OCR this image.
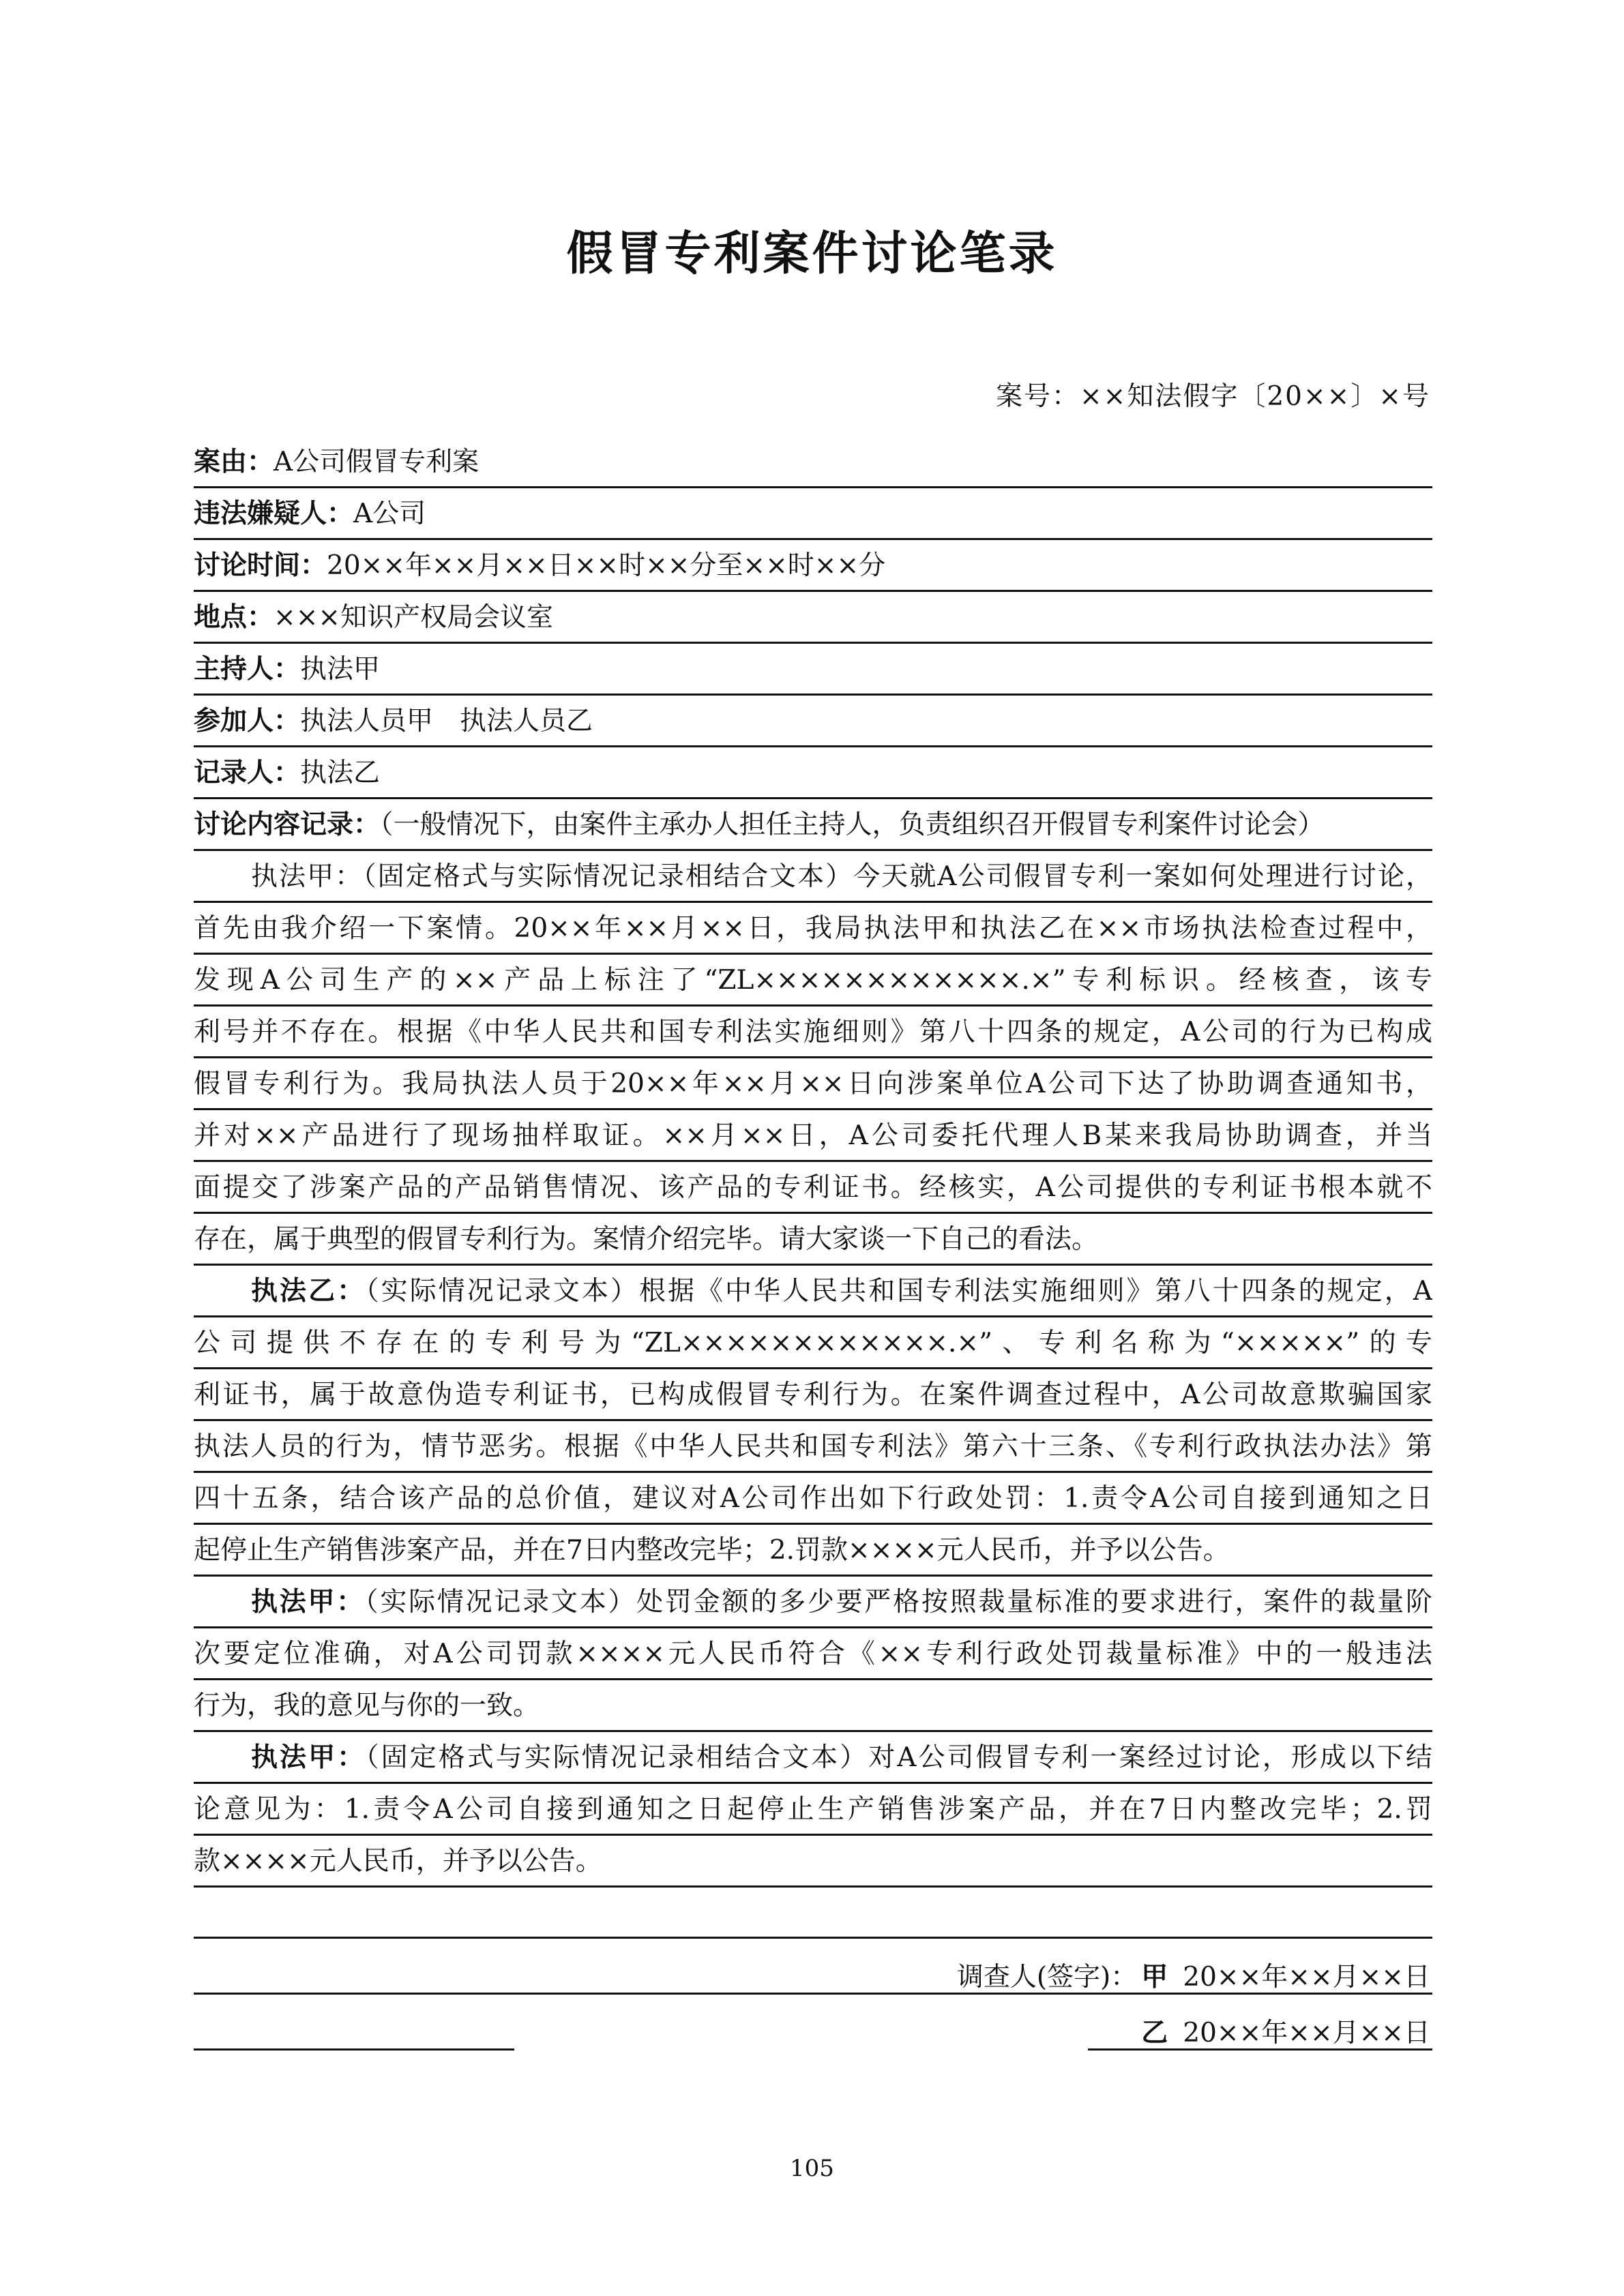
假冒专利案件讨论笔录
案号：××知法假字〔20××〕×号
案由：A公司假冒专利案
违法嫌疑人：A公司
讨论时间：20××年××月××日××时××分至××时××分
地点：×××知识产权局会议室
主持人：执法甲
参加人：执法人员甲　执法人员乙
记录人：执法乙
讨论内容记录：（一般情况下，由案件主承办人担任主持人，负责组织召开假冒专利案件讨论会）
执法甲：（固定格式与实际情况记录相结合文本）今天就A公司假冒专利一案如何处理进行讨论，
首先由我介绍一下案情。20××年××月××日，我局执法甲和执法乙在××市场执法检查过程中，
发现A公司生产的××产品上标注了“ZL××××××××××××.×”专利标识。经核查，该专
利号并不存在。根据《中华人民共和国专利法实施细则》第八十四条的规定，A公司的行为已构成
假冒专利行为。我局执法人员于20××年××月××日向涉案单位A公司下达了协助调查通知书，
并对××产品进行了现场抽样取证。××月××日，A公司委托代理人B某来我局协助调查，并当
面提交了涉案产品的产品销售情况、该产品的专利证书。经核实，A公司提供的专利证书根本就不
存在，属于典型的假冒专利行为。案情介绍完毕。请大家谈一下自己的看法。
执法乙：（实际情况记录文本）根据《中华人民共和国专利法实施细则》第八十四条的规定，A
公司提供不存在的专利号为“ZL××××××××××××.×”、专利名称为“×××××”的专
利证书，属于故意伪造专利证书，已构成假冒专利行为。在案件调查过程中，A公司故意欺骗国家
执法人员的行为，情节恶劣。根据《中华人民共和国专利法》第六十三条、《专利行政执法办法》第
四十五条，结合该产品的总价值，建议对A公司作出如下行政处罚：1.责令A公司自接到通知之日
起停止生产销售涉案产品，并在7日内整改完毕；2.罚款××××元人民币，并予以公告。
执法甲：（实际情况记录文本）处罚金额的多少要严格按照裁量标准的要求进行，案件的裁量阶
次要定位准确，对A公司罚款××××元人民币符合《××专利行政处罚裁量标准》中的一般违法
行为，我的意见与你的一致。
执法甲：（固定格式与实际情况记录相结合文本）对A公司假冒专利一案经过讨论，形成以下结
论意见为：1.责令A公司自接到通知之日起停止生产销售涉案产品，并在7日内整改完毕；2.罚
款××××元人民币，并予以公告。
调查人(签字)： 甲 20××年××月××日
乙 20××年××月××日
105
